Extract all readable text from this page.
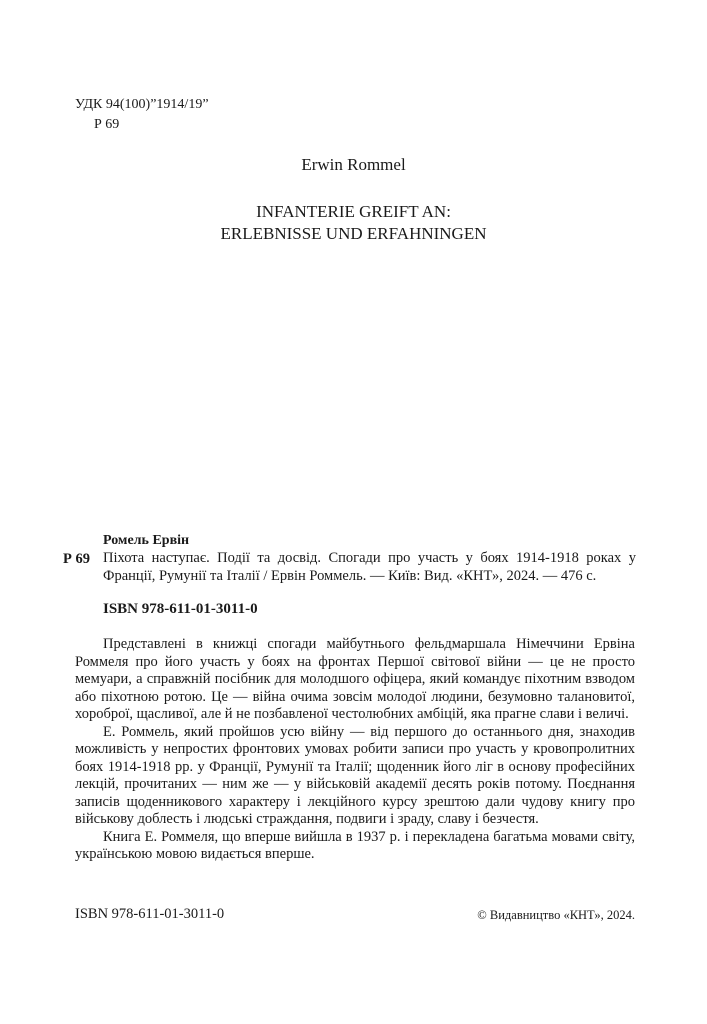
УДК 94(100)”1914/19”
Р 69
Erwin Rommel
INFANTERIE GREIFT AN:
ERLEBNISSE UND ERFAHNINGEN
Ромель Ервін
Р 69 Піхота наступає. Події та досвід. Спогади про участь у боях 1914-1918 роках у Франції, Румунії та Італії / Ервін Роммель. — Київ: Вид. «КНТ», 2024. — 476 с.
ISBN 978-611-01-3011-0

Представлені в книжці спогади майбутнього фельдмаршала Німеччини Ервіна Роммеля про його участь у боях на фронтах Першої світової війни — це не просто мемуари, а справжній посібник для молодшого офіцера, який командує піхотним взводом або піхотною ротою. Це — війна очима зовсім молодої людини, безумовно талановитої, хороброї, щасливої, але й не позбавленої честолюбних амбіцій, яка прагне слави і величі.

Е. Роммель, який пройшов усю війну — від першого до останнього дня, знаходив можливість у непростих фронтових умовах робити записи про участь у кровопролитних боях 1914-1918 рр. у Франції, Румунії та Італії; щоденник його ліг в основу професійних лекцій, прочитаних — ним же — у військовій академії десять років потому. Поєднання записів щоденникового характеру і лекційного курсу зрештою дали чудову книгу про військову доблесть і людські страждання, подвиги і зраду, славу і безчестя.

Книга Е. Роммеля, що вперше вийшла в 1937 р. і перекладена багатьма мовами світу, українською мовою видається вперше.

ISBN 978-611-01-3011-0	© Видавництво «КНТ», 2024.
